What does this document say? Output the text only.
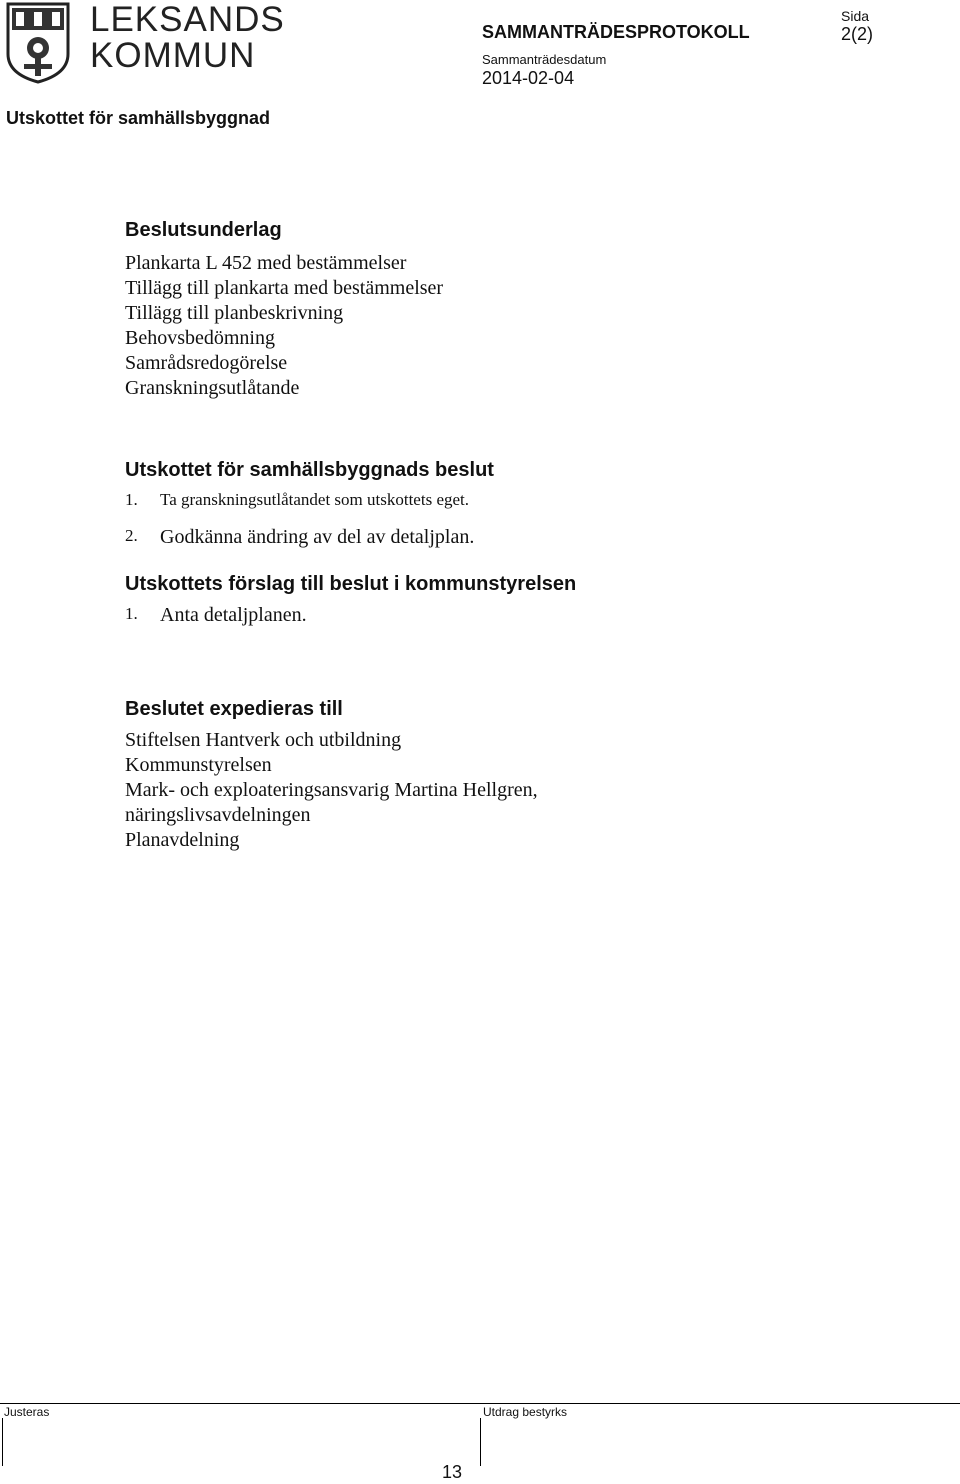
LEKSANDS
KOMMUN
SAMMANTRÄDESPROTOKOLL
Sida
2(2)
Sammanträdesdatum
2014-02-04
Utskottet för samhällsbyggnad
Beslutsunderlag
Plankarta L 452 med bestämmelser
Tillägg till plankarta med bestämmelser
Tillägg till planbeskrivning
Behovsbedömning
Samrådsredogörelse
Granskningsutlåtande
Utskottet för samhällsbyggnads beslut
1. Ta granskningsutlåtandet som utskottets eget.
2. Godkänna ändring av del av detaljplan.
Utskottets förslag till beslut i kommunstyrelsen
1. Anta detaljplanen.
Beslutet expedieras till
Stiftelsen Hantverk och utbildning
Kommunstyrelsen
Mark- och exploateringsansvarig Martina Hellgren,
näringslivsavdelningen
Planavdelning
Justeras	Utdrag bestyrks
13
